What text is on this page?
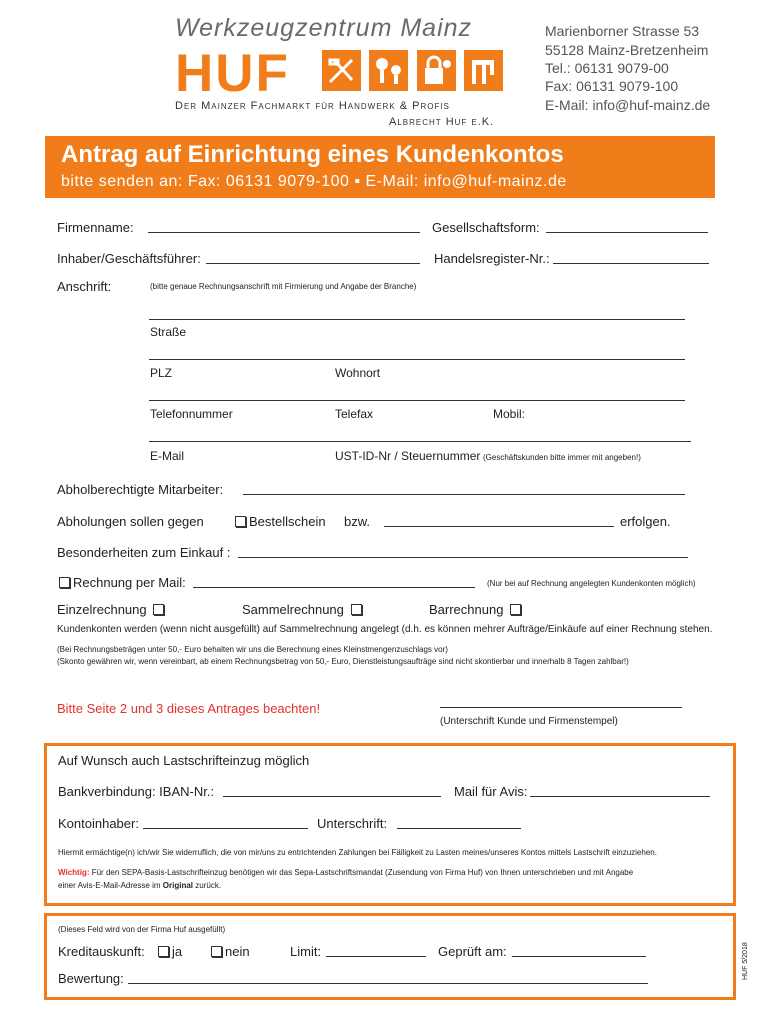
Werkzeugzentrum Mainz
HUF

Der Mainzer Fachmarkt für Handwerk & Profis
Albrecht Huf e.K.
Marienborner Strasse 53
55128 Mainz-Bretzenheim
Tel.: 06131 9079-00
Fax: 06131 9079-100
E-Mail: info@huf-mainz.de
Antrag auf Einrichtung eines Kundenkontos
bitte senden an: Fax: 06131 9079-100 ▪ E-Mail: info@huf-mainz.de
Firmenname:	Gesellschaftsform:
Inhaber/Geschäftsführer:	Handelsregister-Nr.:
Anschrift:	(bitte genaue Rechnungsanschrift mit Firmierung und Angabe der Branche)
Straße
PLZ	Wohnort
Telefonnummer	Telefax	Mobil:
E-Mail	UST-ID-Nr / Steuernummer (Geschäftskunden bitte immer mit angeben!)
Abholberechtigte Mitarbeiter:
Abholungen sollen gegen	Bestellschein bzw.	erfolgen.
Besonderheiten zum Einkauf :
Rechnung per Mail:	(Nur bei auf Rechnung angelegten Kundenkonten möglich)
Einzelrechnung	Sammelrechnung	Barrechnung
Kundenkonten werden (wenn nicht ausgefüllt) auf Sammelrechnung angelegt (d.h. es können mehrer Aufträge/Einkäufe auf einer Rechnung stehen.
(Bei Rechnungsbeträgen unter 50,- Euro behalten wir uns die Berechnung eines Kleinstmengenzuschlags vor)
(Skonto gewähren wir, wenn vereinbart, ab einem Rechnungsbetrag von 50,- Euro, Dienstleistungsaufträge sind nicht skontierbar und innerhalb 8 Tagen zahlbar!)
Bitte Seite 2 und 3 dieses Antrages beachten!
(Unterschrift Kunde und Firmenstempel)
Auf Wunsch auch Lastschrifteinzug möglich
Bankverbindung: IBAN-Nr.:	Mail für Avis:
Kontoinhaber:	Unterschrift:
Hiermit ermächtige(n) ich/wir Sie widerruflich, die von mir/uns zu entrichtenden Zahlungen bei Fälligkeit zu Lasten meines/unseres Kontos mittels Lastschrift einzuziehen.
Wichtig: Für den SEPA-Basis-Lastschrifteinzug benötigen wir das Sepa-Lastschriftsmandat (Zusendung von Firma Huf) von Ihnen unterschrieben und mit Angabe
einer Avis-E-Mail-Adresse im Original zurück.
(Dieses Feld wird von der Firma Huf ausgefüllt)
Kreditauskunft:	ja	nein	Limit:	Geprüft am:
Bewertung:	HUF 5/2018
